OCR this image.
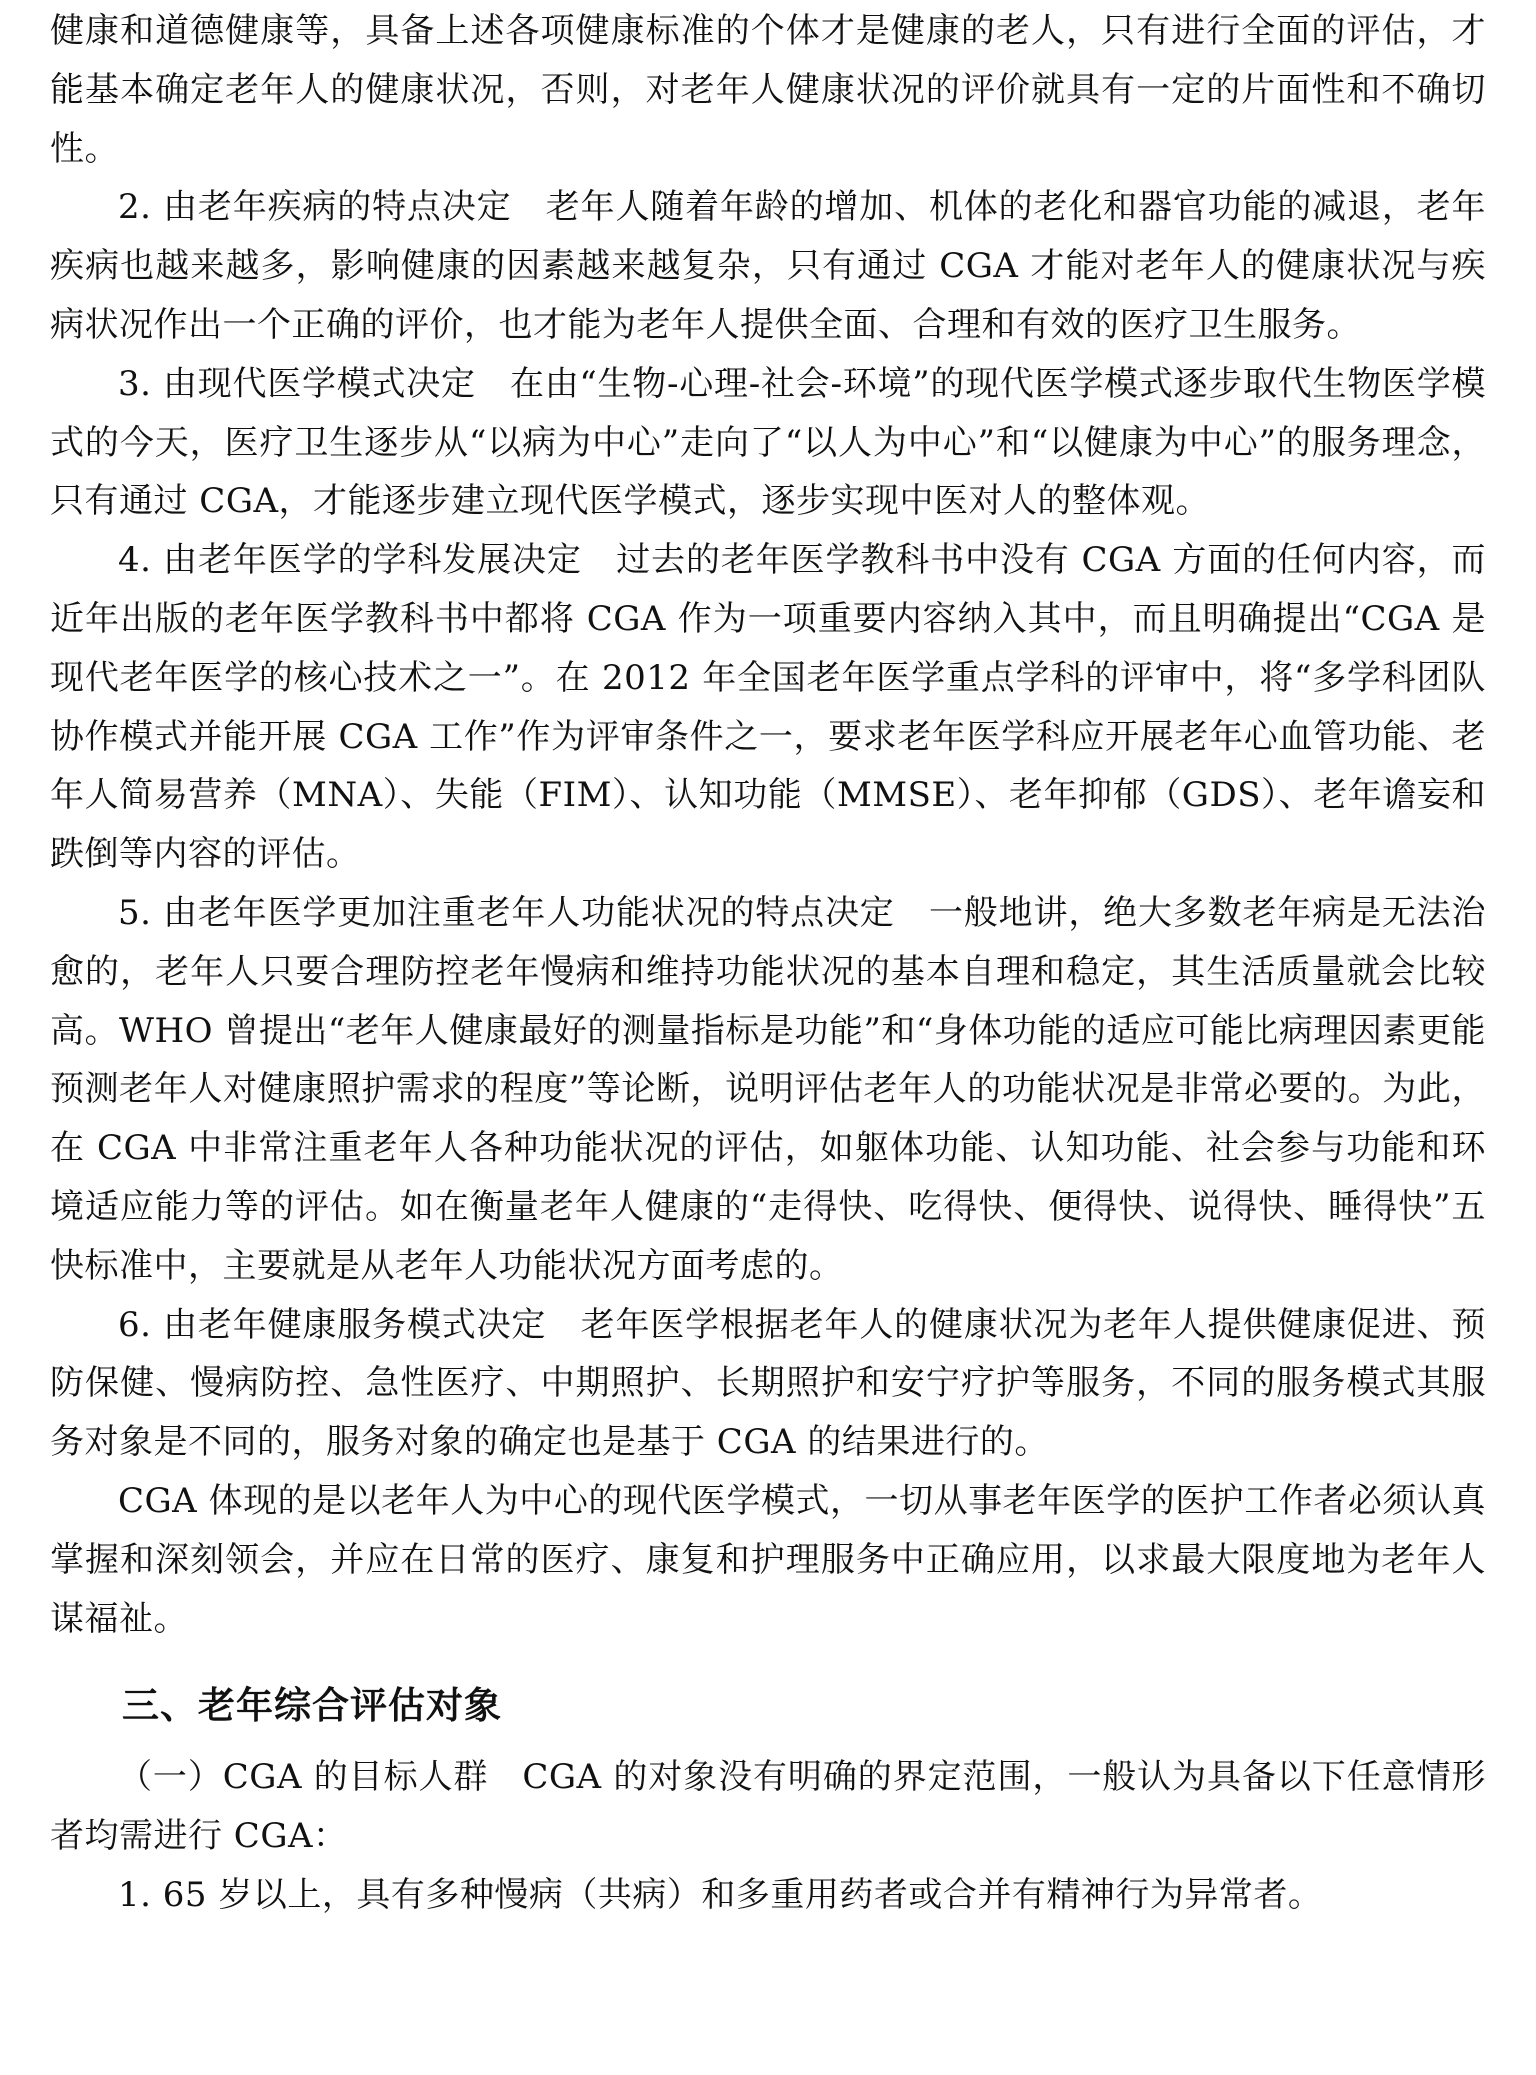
健康和道德健康等，具备上述各项健康标准的个体才是健康的老人，只有进行全面的评估，才能基本确定老年人的健康状况，否则，对老年人健康状况的评价就具有一定的片面性和不确切性。

2. 由老年疾病的特点决定 老年人随着年龄的增加、机体的老化和器官功能的减退，老年疾病也越来越多，影响健康的因素越来越复杂，只有通过 CGA 才能对老年人的健康状况与疾病状况作出一个正确的评价，也才能为老年人提供全面、合理和有效的医疗卫生服务。

3. 由现代医学模式决定 在由“生物-心理-社会-环境”的现代医学模式逐步取代生物医学模式的今天，医疗卫生逐步从“以病为中心”走向了“以人为中心”和“以健康为中心”的服务理念，只有通过 CGA，才能逐步建立现代医学模式，逐步实现中医对人的整体观。

4. 由老年医学的学科发展决定 过去的老年医学教科书中没有 CGA 方面的任何内容，而近年出版的老年医学教科书中都将 CGA 作为一项重要内容纳入其中，而且明确提出“CGA 是现代老年医学的核心技术之一”。在 2012 年全国老年医学重点学科的评审中，将“多学科团队协作模式并能开展 CGA 工作”作为评审条件之一，要求老年医学科应开展老年心血管功能、老年人简易营养（MNA）、失能（FIM）、认知功能（MMSE）、老年抑郁（GDS）、老年谵妄和跌倒等内容的评估。

5. 由老年医学更加注重老年人功能状况的特点决定 一般地讲，绝大多数老年病是无法治愈的，老年人只要合理防控老年慢病和维持功能状况的基本自理和稳定，其生活质量就会比较高。WHO 曾提出“老年人健康最好的测量指标是功能”和“身体功能的适应可能比病理因素更能预测老年人对健康照护需求的程度”等论断，说明评估老年人的功能状况是非常必要的。为此，在 CGA 中非常注重老年人各种功能状况的评估，如躯体功能、认知功能、社会参与功能和环境适应能力等的评估。如在衡量老年人健康的“走得快、吃得快、便得快、说得快、睡得快”五快标准中，主要就是从老年人功能状况方面考虑的。

6. 由老年健康服务模式决定 老年医学根据老年人的健康状况为老年人提供健康促进、预防保健、慢病防控、急性医疗、中期照护、长期照护和安宁疗护等服务，不同的服务模式其服务对象是不同的，服务对象的确定也是基于 CGA 的结果进行的。

CGA 体现的是以老年人为中心的现代医学模式，一切从事老年医学的医护工作者必须认真掌握和深刻领会，并应在日常的医疗、康复和护理服务中正确应用，以求最大限度地为老年人谋福祉。

三、老年综合评估对象

（一）CGA 的目标人群 CGA 的对象没有明确的界定范围，一般认为具备以下任意情形者均需进行 CGA：

1. 65 岁以上，具有多种慢病（共病）和多重用药者或合并有精神行为异常者。
